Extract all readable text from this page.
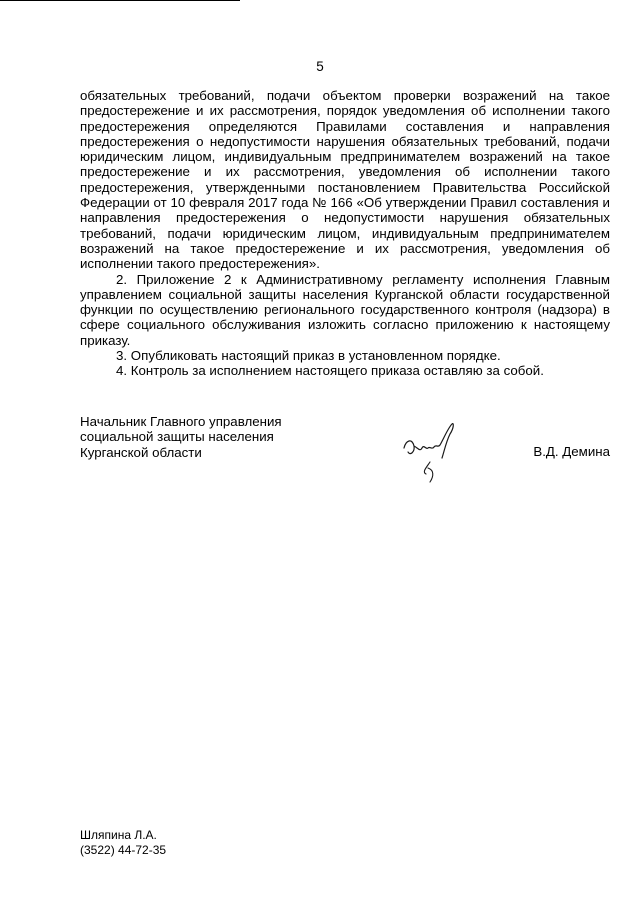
5

обязательных требований, подачи объектом проверки возражений на такое предостережение и их рассмотрения, порядок уведомления об исполнении такого предостережения определяются Правилами составления и направления предостережения о недопустимости нарушения обязательных требований, подачи юридическим лицом, индивидуальным предпринимателем возражений на такое предостережение и их рассмотрения, уведомления об исполнении такого предостережения, утвержденными постановлением Правительства Российской Федерации от 10 февраля 2017 года № 166 «Об утверждении Правил составления и направления предостережения о недопустимости нарушения обязательных требований, подачи юридическим лицом, индивидуальным предпринимателем возражений на такое предостережение и их рассмотрения, уведомления об исполнении такого предостережения».

2. Приложение 2 к Административному регламенту исполнения Главным управлением социальной защиты населения Курганской области государственной функции по осуществлению регионального государственного контроля (надзора) в сфере социального обслуживания изложить согласно приложению к настоящему приказу.

3. Опубликовать настоящий приказ в установленном порядке.

4. Контроль за исполнением настоящего приказа оставляю за собой.

Начальник Главного управления
социальной защиты населения
Курганской области	В.Д. Демина
Шляпина Л.А.
(3522) 44-72-35
